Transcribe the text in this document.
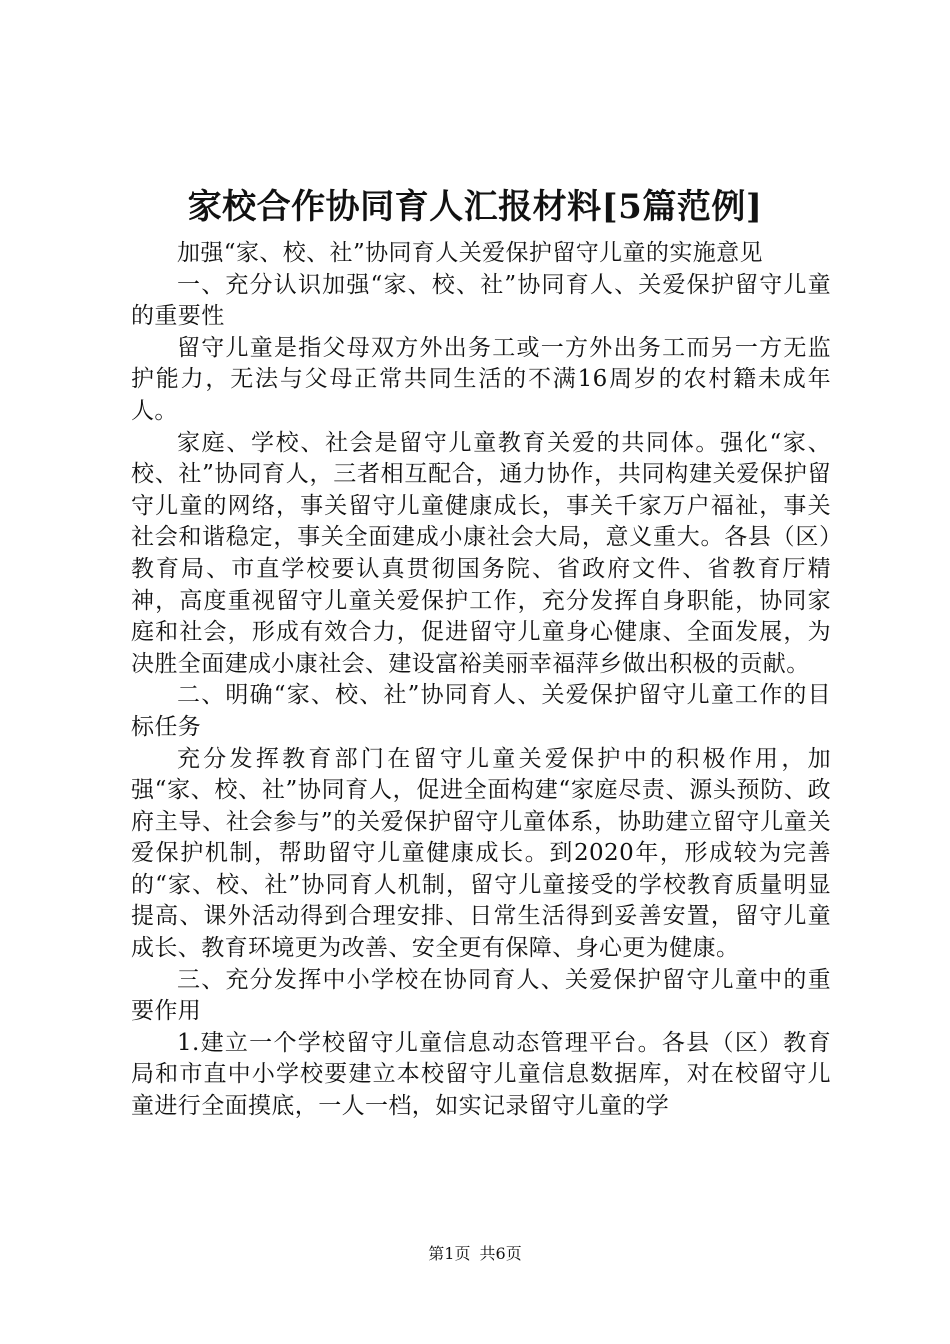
家校合作协同育人汇报材料[5篇范例]

加强“家、校、社”协同育人关爱保护留守儿童的实施意见

一、充分认识加强“家、校、社”协同育人、关爱保护留守儿童的重要性

留守儿童是指父母双方外出务工或一方外出务工而另一方无监护能力，无法与父母正常共同生活的不满16周岁的农村籍未成年人。

家庭、学校、社会是留守儿童教育关爱的共同体。强化“家、校、社”协同育人，三者相互配合，通力协作，共同构建关爱保护留守儿童的网络，事关留守儿童健康成长，事关千家万户福祉，事关社会和谐稳定，事关全面建成小康社会大局，意义重大。各县（区）教育局、市直学校要认真贯彻国务院、省政府文件、省教育厅精神，高度重视留守儿童关爱保护工作，充分发挥自身职能，协同家庭和社会，形成有效合力，促进留守儿童身心健康、全面发展，为决胜全面建成小康社会、建设富裕美丽幸福萍乡做出积极的贡献。

二、明确“家、校、社”协同育人、关爱保护留守儿童工作的目标任务

充分发挥教育部门在留守儿童关爱保护中的积极作用，加强“家、校、社”协同育人，促进全面构建“家庭尽责、源头预防、政府主导、社会参与”的关爱保护留守儿童体系，协助建立留守儿童关爱保护机制，帮助留守儿童健康成长。到2020年，形成较为完善的“家、校、社”协同育人机制，留守儿童接受的学校教育质量明显提高、课外活动得到合理安排、日常生活得到妥善安置，留守儿童成长、教育环境更为改善、安全更有保障、身心更为健康。

三、充分发挥中小学校在协同育人、关爱保护留守儿童中的重要作用

1.建立一个学校留守儿童信息动态管理平台。各县（区）教育局和市直中小学校要建立本校留守儿童信息数据库，对在校留守儿童进行全面摸底，一人一档，如实记录留守儿童的学

第1页 共6页
